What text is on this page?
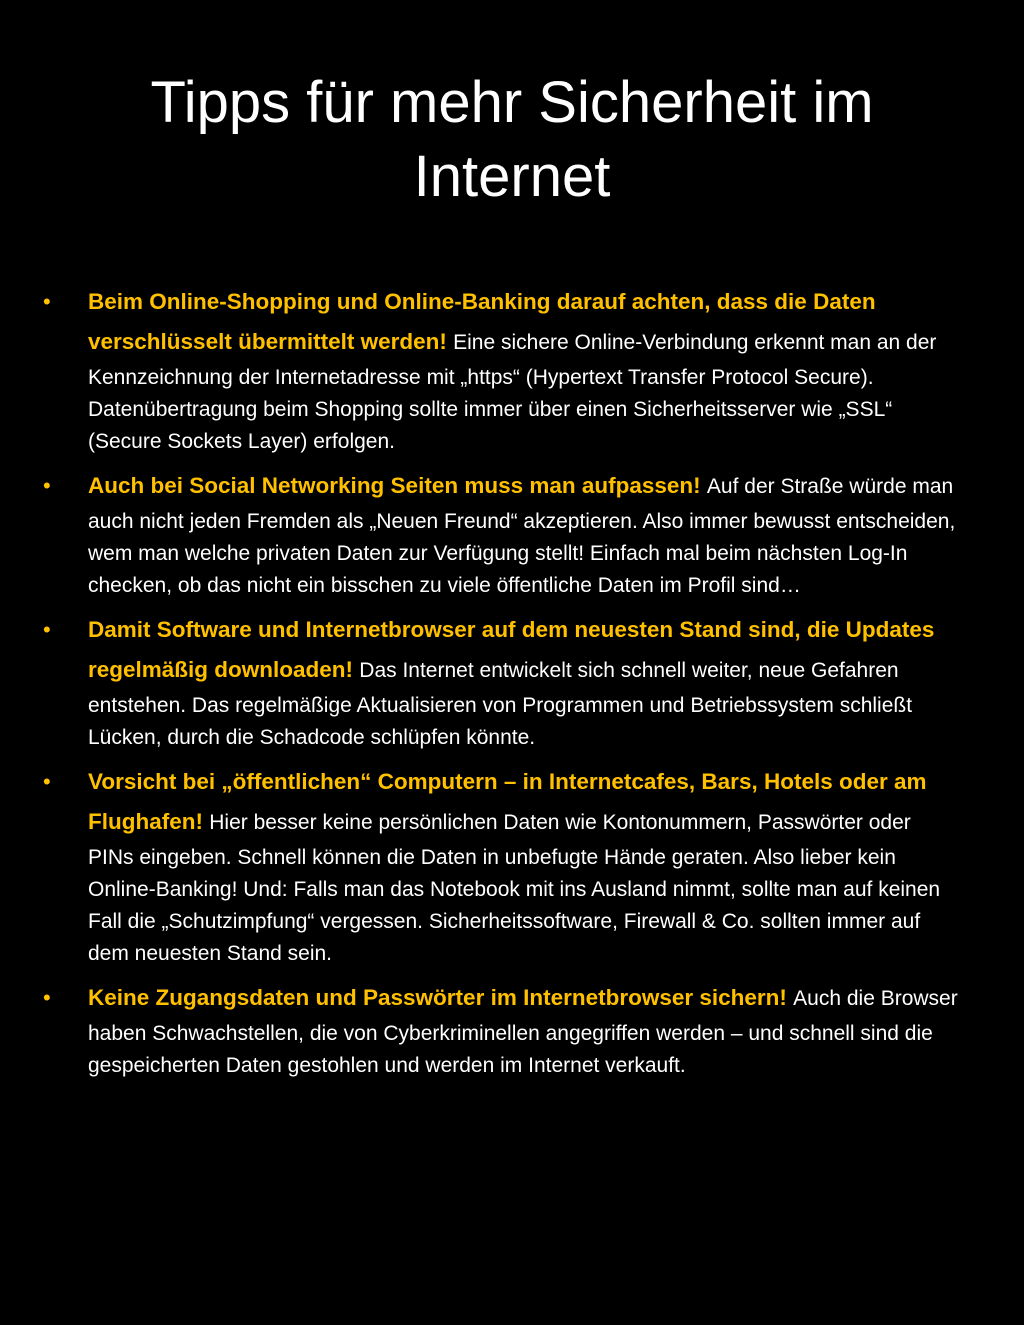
Tipps für mehr Sicherheit im Internet
• Beim Online-Shopping und Online-Banking darauf achten, dass die Daten verschlüsselt übermittelt werden! Eine sichere Online-Verbindung erkennt man an der Kennzeichnung der Internetadresse mit „https“ (Hypertext Transfer Protocol Secure). Datenübertragung beim Shopping sollte immer über einen Sicherheitsserver wie „SSL“ (Secure Sockets Layer) erfolgen.
• Auch bei Social Networking Seiten muss man aufpassen! Auf der Straße würde man auch nicht jeden Fremden als „Neuen Freund“ akzeptieren. Also immer bewusst entscheiden, wem man welche privaten Daten zur Verfügung stellt! Einfach mal beim nächsten Log-In checken, ob das nicht ein bisschen zu viele öffentliche Daten im Profil sind…
• Damit Software und Internetbrowser auf dem neuesten Stand sind, die Updates regelmäßig downloaden! Das Internet entwickelt sich schnell weiter, neue Gefahren entstehen. Das regelmäßige Aktualisieren von Programmen und Betriebssystem schließt Lücken, durch die Schadcode schlüpfen könnte.
• Vorsicht bei „öffentlichen“ Computern – in Internetcafes, Bars, Hotels oder am Flughafen! Hier besser keine persönlichen Daten wie Kontonummern, Passwörter oder PINs eingeben. Schnell können die Daten in unbefugte Hände geraten. Also lieber kein Online-Banking! Und: Falls man das Notebook mit ins Ausland nimmt, sollte man auf keinen Fall die „Schutzimpfung“ vergessen. Sicherheitssoftware, Firewall & Co. sollten immer auf dem neuesten Stand sein.
• Keine Zugangsdaten und Passwörter im Internetbrowser sichern! Auch die Browser haben Schwachstellen, die von Cyberkriminellen angegriffen werden – und schnell sind die gespeicherten Daten gestohlen und werden im Internet verkauft.
